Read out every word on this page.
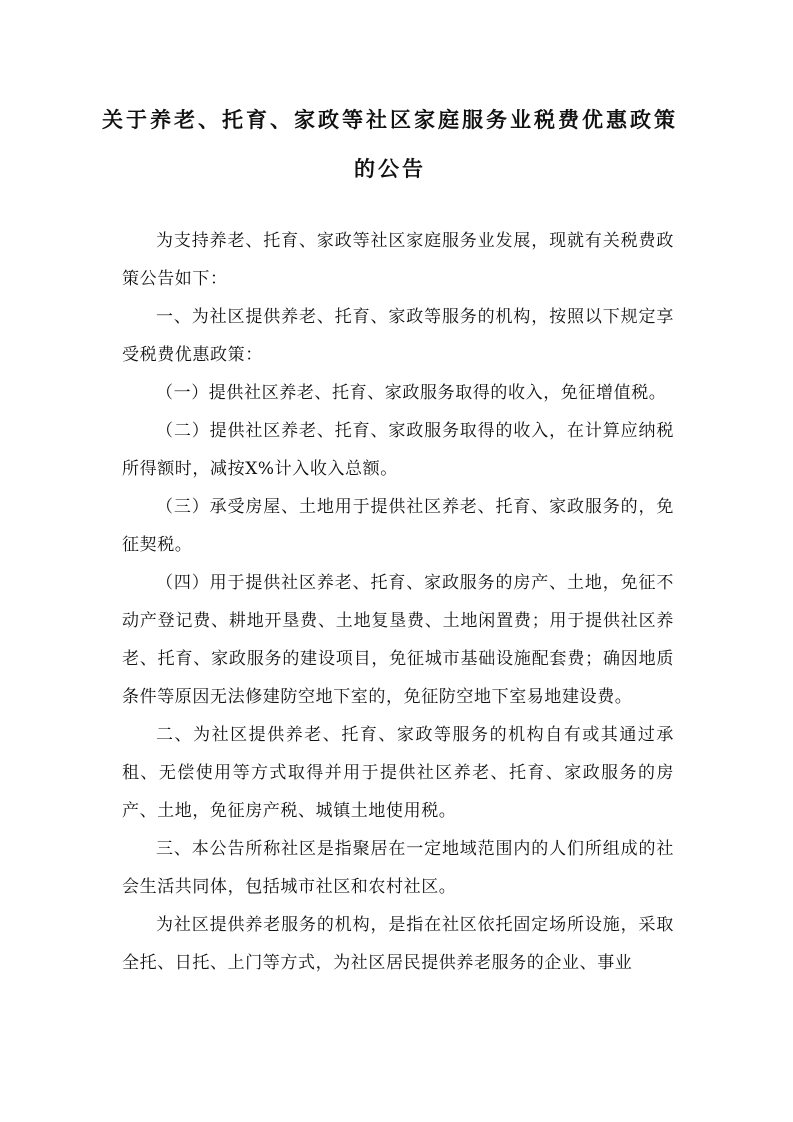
关于养老、托育、家政等社区家庭服务业税费优惠政策的公告

为支持养老、托育、家政等社区家庭服务业发展，现就有关税费政策公告如下：

一、为社区提供养老、托育、家政等服务的机构，按照以下规定享受税费优惠政策：

（一）提供社区养老、托育、家政服务取得的收入，免征增值税。

（二）提供社区养老、托育、家政服务取得的收入，在计算应纳税所得额时，减按X%计入收入总额。

（三）承受房屋、土地用于提供社区养老、托育、家政服务的，免征契税。

（四）用于提供社区养老、托育、家政服务的房产、土地，免征不动产登记费、耕地开垦费、土地复垦费、土地闲置费；用于提供社区养老、托育、家政服务的建设项目，免征城市基础设施配套费；确因地质条件等原因无法修建防空地下室的，免征防空地下室易地建设费。

二、为社区提供养老、托育、家政等服务的机构自有或其通过承租、无偿使用等方式取得并用于提供社区养老、托育、家政服务的房产、土地，免征房产税、城镇土地使用税。

三、本公告所称社区是指聚居在一定地域范围内的人们所组成的社会生活共同体，包括城市社区和农村社区。

为社区提供养老服务的机构，是指在社区依托固定场所设施，采取全托、日托、上门等方式，为社区居民提供养老服务的企业、事业
